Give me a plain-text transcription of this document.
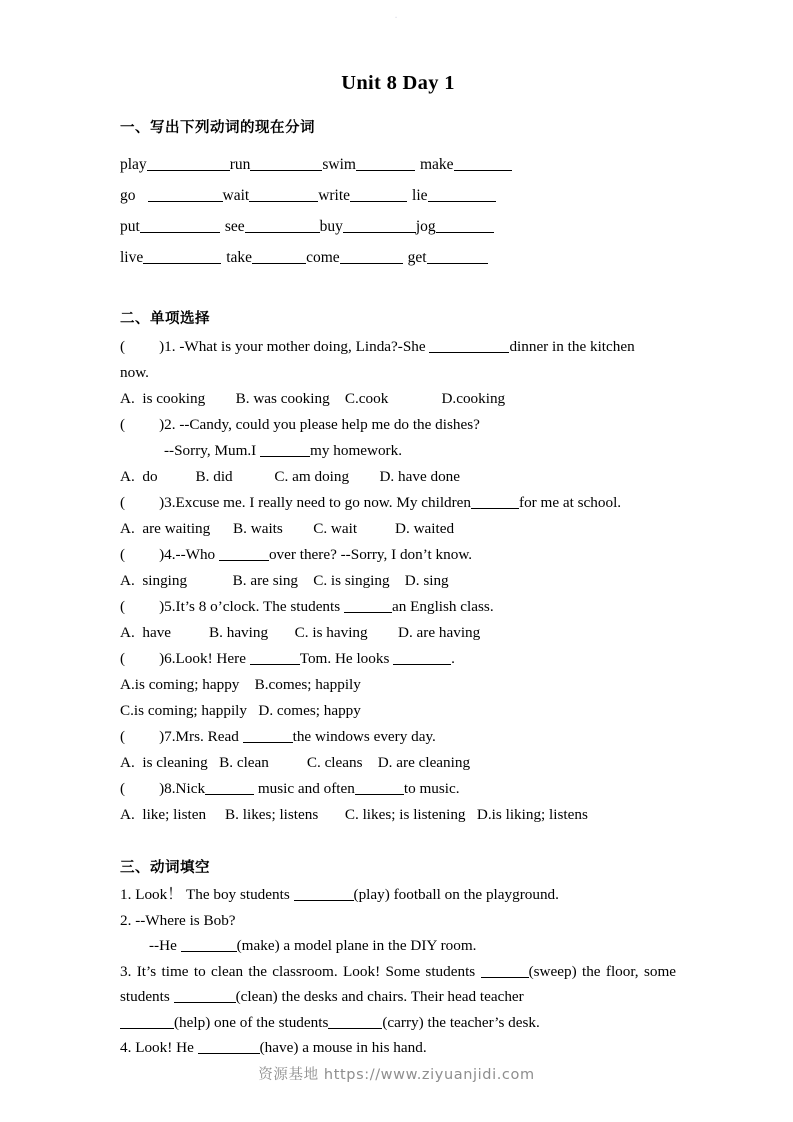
.
Unit 8 Day 1
一、写出下列动词的现在分词
play	run	swim	make
go	wait	write	lie
put	see	buy	jog
live	take	come	get
二、单项选择
( )1. -What is your mother doing, Linda?-She	dinner in the kitchen
now.
A.  is cooking        B. was cooking    C.cook              D.cooking
( )2. --Candy, could you please help me do the dishes?
--Sorry, Mum.I	my homework.
A.  do          B. did           C. am doing        D. have done
( )3.Excuse me. I really need to go now. My children	for me at school.
A.  are waiting      B. waits        C. wait          D. waited
( )4.--Who	over there? --Sorry, I don’t know.
A.  singing            B. are sing    C. is singing    D. sing
( )5.It’s 8 o’clock. The students	an English class.
A.  have          B. having       C. is having        D. are having
( )6.Look! Here	Tom. He looks	.
A.is coming; happy    B.comes; happily
C.is coming; happily   D. comes; happy
( )7.Mrs. Read	the windows every day.
A.  is cleaning   B. clean          C. cleans    D. are cleaning
( )8.Nick	music and often	to music.
A.  like; listen     B. likes; listens       C. likes; is listening   D.is liking; listens
三、动词填空
1. Look！ The boy students	(play) football on the playground.
2. --Where is Bob?
--He	(make) a model plane in the DIY room.
3. It’s time to clean the classroom. Look! Some students	(sweep) the floor, some students	(clean) the desks and chairs. Their head teacher
(help) one of the students	(carry) the teacher’s desk.
4. Look! He	(have) a mouse in his hand.
资源基地 https://www.ziyuanjidi.com
